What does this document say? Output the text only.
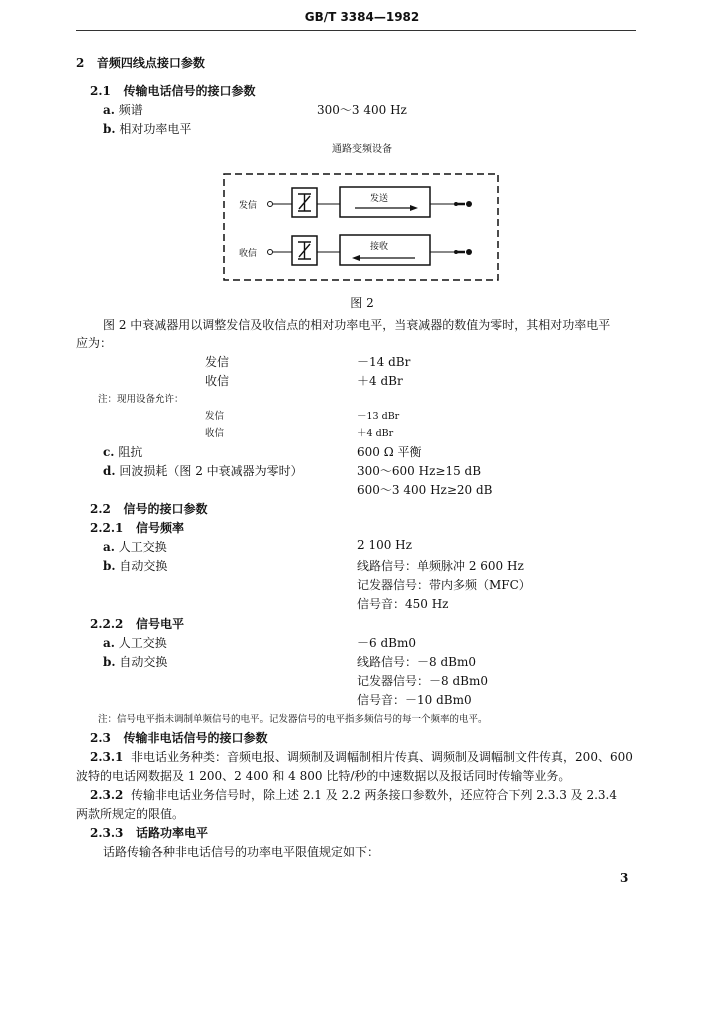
GB/T 3384—1982
2 音频四线点接口参数
2.1 传输电话信号的接口参数
a. 频谱	300～3 400 Hz
b. 相对功率电平
通路变频设备
发信
发送
收信
接收
图 2
图 2 中衰减器用以调整发信及收信点的相对功率电平，当衰减器的数值为零时，其相对功率电平
应为：
发信	－14 dBr
收信	＋4 dBr
注：现用设备允许：
发信	－13 dBr
收信	＋4 dBr
c. 阻抗	600 Ω 平衡
d. 回波损耗（图 2 中衰减器为零时）	300～600 Hz≥15 dB
600～3 400 Hz≥20 dB
2.2 信号的接口参数
2.2.1 信号频率
a. 人工交换	2 100 Hz
b. 自动交换	线路信号：单频脉冲 2 600 Hz
记发器信号：带内多频（MFC）
信号音：450 Hz
2.2.2 信号电平
a. 人工交换	－6 dBm0
b. 自动交换	线路信号：－8 dBm0
记发器信号：－8 dBm0
信号音：－10 dBm0
注：信号电平指未调制单频信号的电平。记发器信号的电平指多频信号的每一个频率的电平。
2.3 传输非电话信号的接口参数
2.3.1 非电话业务种类：音频电报、调频制及调幅制相片传真、调频制及调幅制文件传真，200、600
波特的电话网数据及 1 200、2 400 和 4 800 比特/秒的中速数据以及报话同时传输等业务。
2.3.2 传输非电话业务信号时，除上述 2.1 及 2.2 两条接口参数外，还应符合下列 2.3.3 及 2.3.4
两款所规定的限值。
2.3.3 话路功率电平
话路传输各种非电话信号的功率电平限值规定如下：
3
